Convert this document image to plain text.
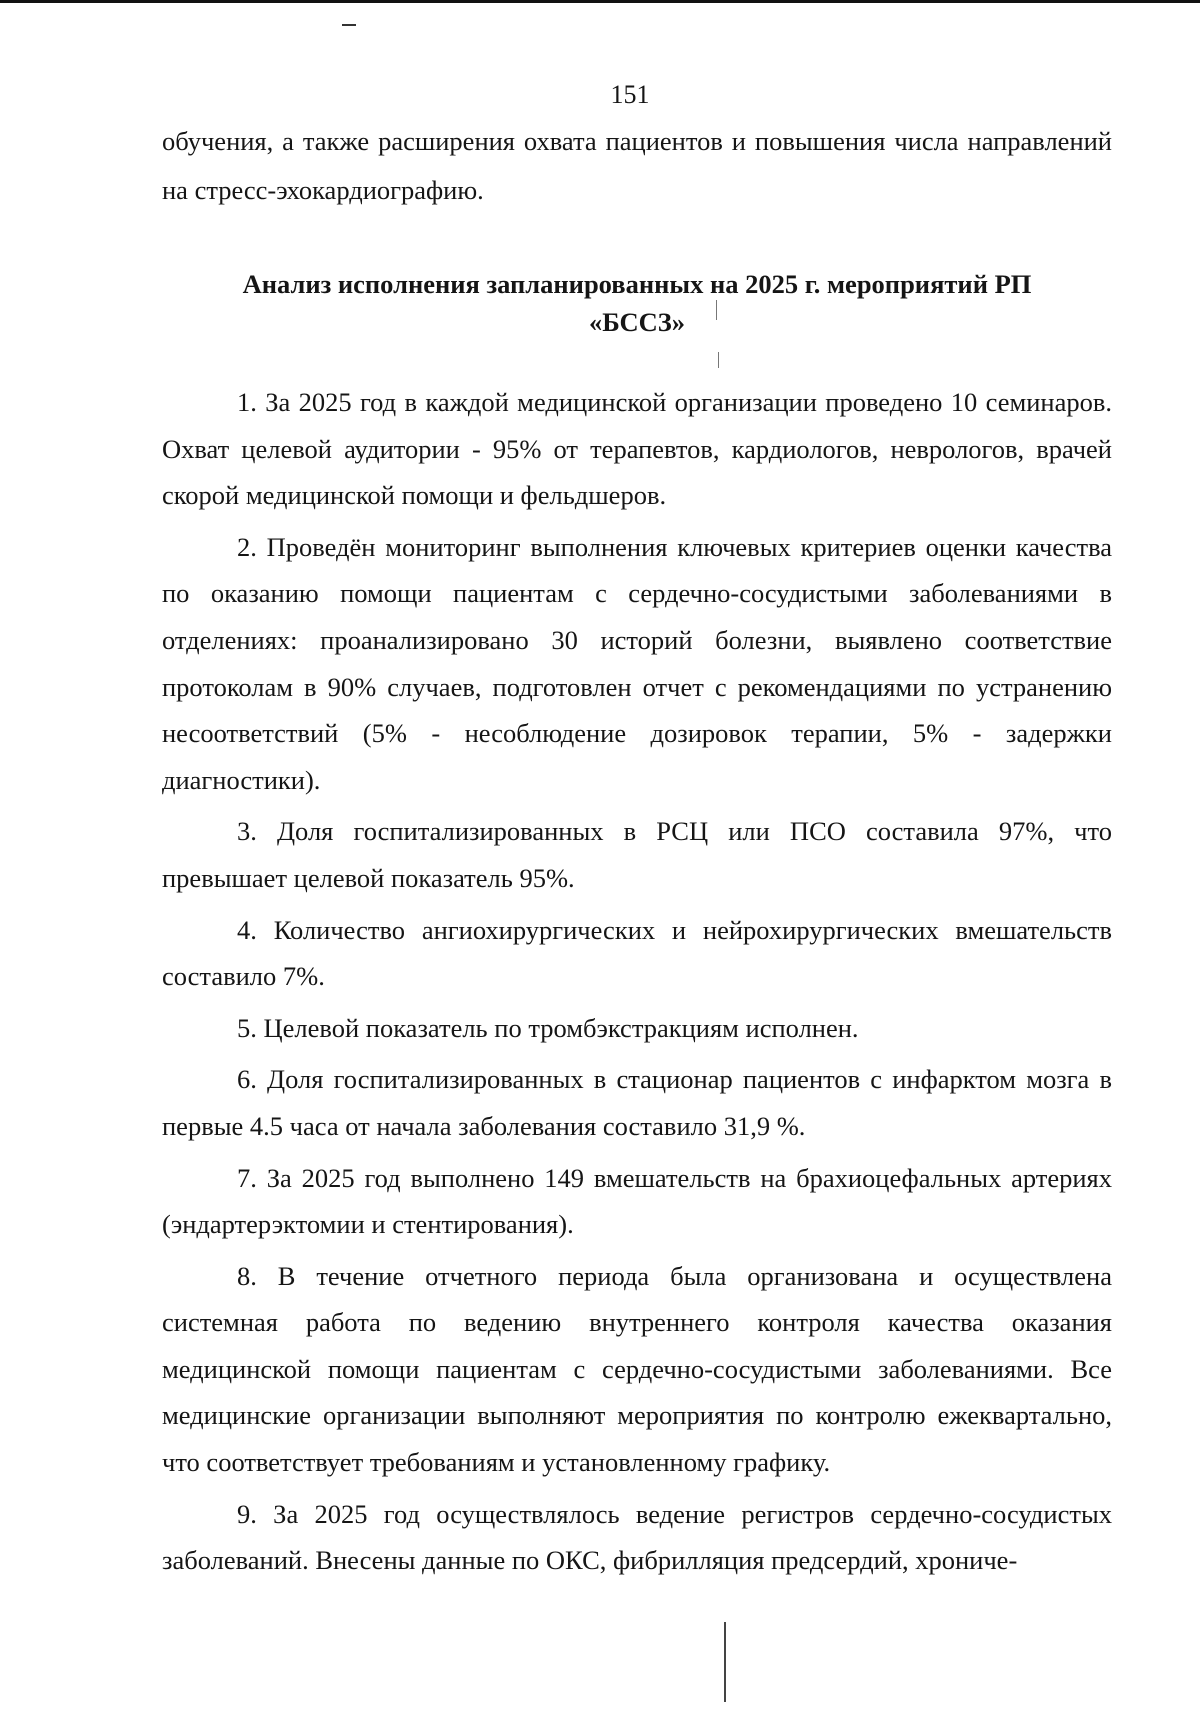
151
обучения, а также расширения охвата пациентов и повышения числа направлений на стресс-эхокардиографию.
Анализ исполнения запланированных на 2025 г. мероприятий РП
«БССЗ»

1. За 2025 год в каждой медицинской организации проведено 10 семинаров. Охват целевой аудитории - 95% от терапевтов, кардиологов, неврологов, врачей скорой медицинской помощи и фельдшеров.

2. Проведён мониторинг выполнения ключевых критериев оценки качества по оказанию помощи пациентам с сердечно-сосудистыми заболеваниями в отделениях: проанализировано 30 историй болезни, выявлено соответствие протоколам в 90% случаев, подготовлен отчет с рекомендациями по устранению несоответствий (5% - несоблюдение дозировок терапии, 5% - задержки диагностики).

3. Доля госпитализированных в РСЦ или ПСО составила 97%, что превышает целевой показатель 95%.

4. Количество ангиохирургических и нейрохирургических вмешательств составило 7%.

5. Целевой показатель по тромбэкстракциям исполнен.

6. Доля госпитализированных в стационар пациентов с инфарктом мозга в первые 4.5 часа от начала заболевания составило 31,9 %.

7. За 2025 год выполнено 149 вмешательств на брахиоцефальных артериях (эндартерэктомии и стентирования).

8. В течение отчетного периода была организована и осуществлена системная работа по ведению внутреннего контроля качества оказания медицинской помощи пациентам с сердечно-сосудистыми заболеваниями. Все медицинские организации выполняют мероприятия по контролю ежеквартально, что соответствует требованиям и установленному графику.

9. За 2025 год осуществлялось ведение регистров сердечно-сосудистых заболеваний. Внесены данные по ОКС, фибрилляция предсердий, хрониче-
